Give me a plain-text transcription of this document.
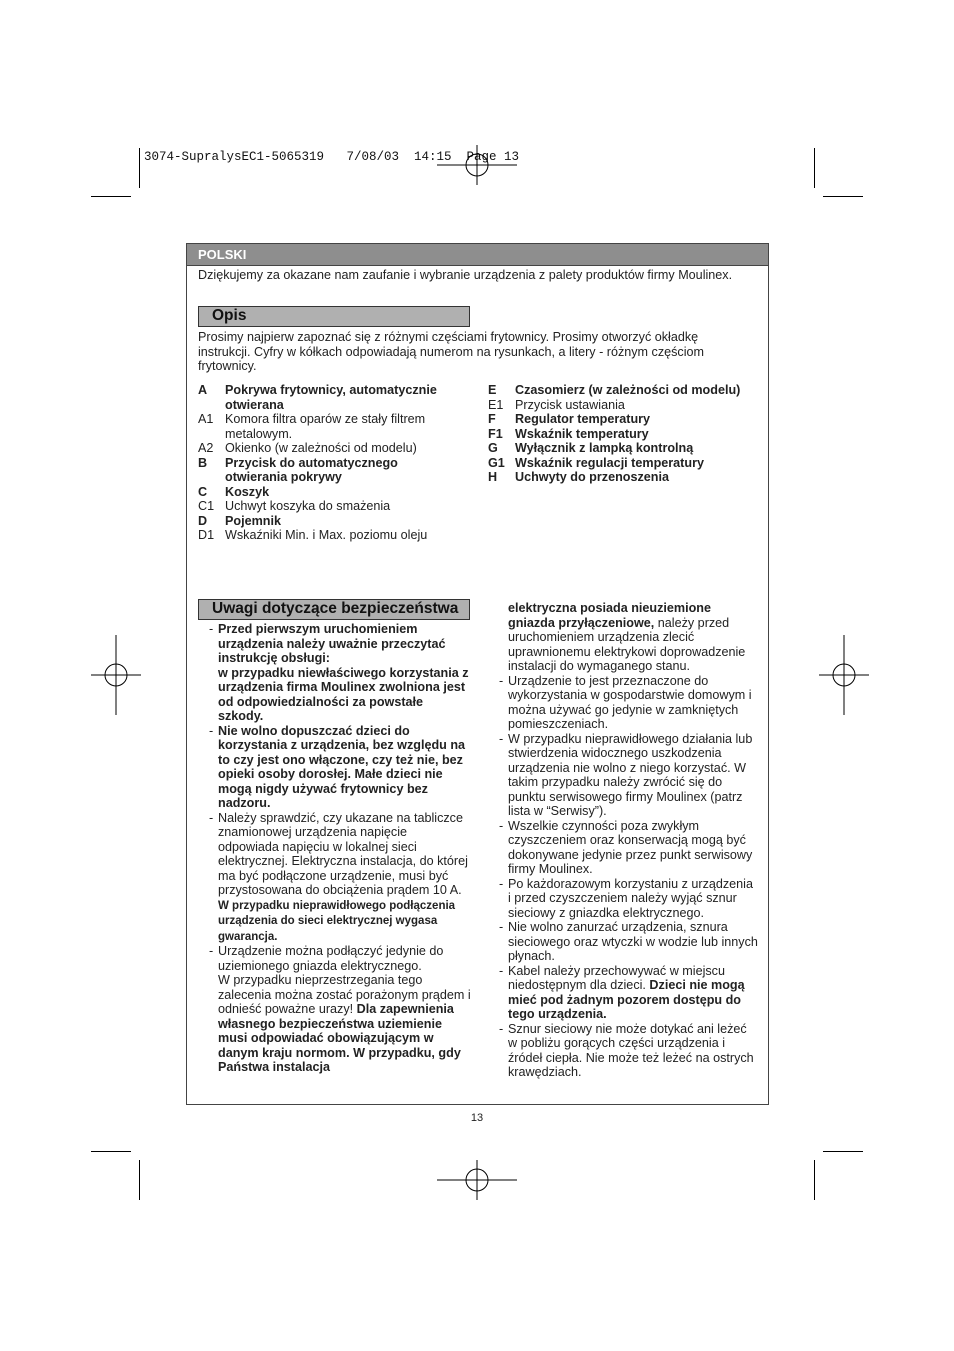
3074-SupralysEC1-5065319   7/08/03  14:15  Page 13
POLSKI
Dziękujemy za okazane nam zaufanie i wybranie urządzenia z palety produktów firmy Moulinex.
Opis
Prosimy najpierw zapoznać się z różnymi częściami frytownicy. Prosimy otworzyć okładkę instrukcji. Cyfry w kółkach odpowiadają numerom na rysunkach, a litery - różnym częściom frytownicy.
A	Pokrywa frytownicy, automatycznie otwierana
A1 Komora filtra oparów ze stały filtrem metalowym.
A2 Okienko (w zależności od modelu)
B	Przycisk do automatycznego otwierania pokrywy
C	Koszyk
C1 Uchwyt koszyka do smażenia
D	Pojemnik
D1 Wskaźniki Min. i Max. poziomu oleju
E	Czasomierz (w zależności od modelu)
E1 Przycisk ustawiania
F	Regulator temperatury
F1 Wskaźnik temperatury
G	Wyłącznik z lampką kontrolną
G1 Wskaźnik regulacji temperatury
H	Uchwyty do przenoszenia
Uwagi dotyczące bezpieczeństwa
- Przed pierwszym uruchomieniem urządzenia należy uważnie przeczytać instrukcję obsługi:
w przypadku niewłaściwego korzystania z urządzenia firma Moulinex zwolniona jest od odpowiedzialności za powstałe szkody.
- Nie wolno dopuszczać dzieci do korzystania z urządzenia, bez względu na to czy jest ono włączone, czy też nie, bez opieki osoby dorosłej. Małe dzieci nie mogą nigdy używać frytownicy bez nadzoru.
- Należy sprawdzić, czy ukazane na tabliczce znamionowej urządzenia napięcie odpowiada napięciu w lokalnej sieci elektrycznej. Elektryczna instalacja, do której ma być podłączone urządzenie, musi być przystosowana do obciążenia prądem 10 A.
W przypadku nieprawidłowego podłączenia urządzenia do sieci elektrycznej wygasa gwarancja.
- Urządzenie można podłączyć jedynie do uziemionego gniazda elektrycznego.
W przypadku nieprzestrzegania tego zalecenia można zostać porażonym prądem i odnieść poważne urazy! Dla zapewnienia własnego bezpieczeństwa uziemienie musi odpowiadać obowiązującym w danym kraju normom. W przypadku, gdy Państwa instalacja
elektryczna posiada nieuziemione gniazda przyłączeniowe, należy przed uruchomieniem urządzenia zlecić uprawnionemu elektrykowi doprowadzenie instalacji do wymaganego stanu.
- Urządzenie to jest przeznaczone do wykorzystania w gospodarstwie domowym i można używać go jedynie w zamkniętych pomieszczeniach.
- W przypadku nieprawidłowego działania lub stwierdzenia widocznego uszkodzenia urządzenia nie wolno z niego korzystać. W takim przypadku należy zwrócić się do punktu serwisowego firmy Moulinex (patrz lista w “Serwisy”).
- Wszelkie czynności poza zwykłym czyszczeniem oraz konserwacją mogą być dokonywane jedynie przez punkt serwisowy firmy Moulinex.
- Po każdorazowym korzystaniu z urządzenia i przed czyszczeniem należy wyjąć sznur sieciowy z gniazdka elektrycznego.
- Nie wolno zanurzać urządzenia, sznura sieciowego oraz wtyczki w wodzie lub innych płynach.
- Kabel należy przechowywać w miejscu niedostępnym dla dzieci. Dzieci nie mogą mieć pod żadnym pozorem dostępu do tego urządzenia.
- Sznur sieciowy nie może dotykać ani leżeć w pobliżu gorących części urządzenia i źródeł ciepła. Nie może też leżeć na ostrych krawędziach.
13
